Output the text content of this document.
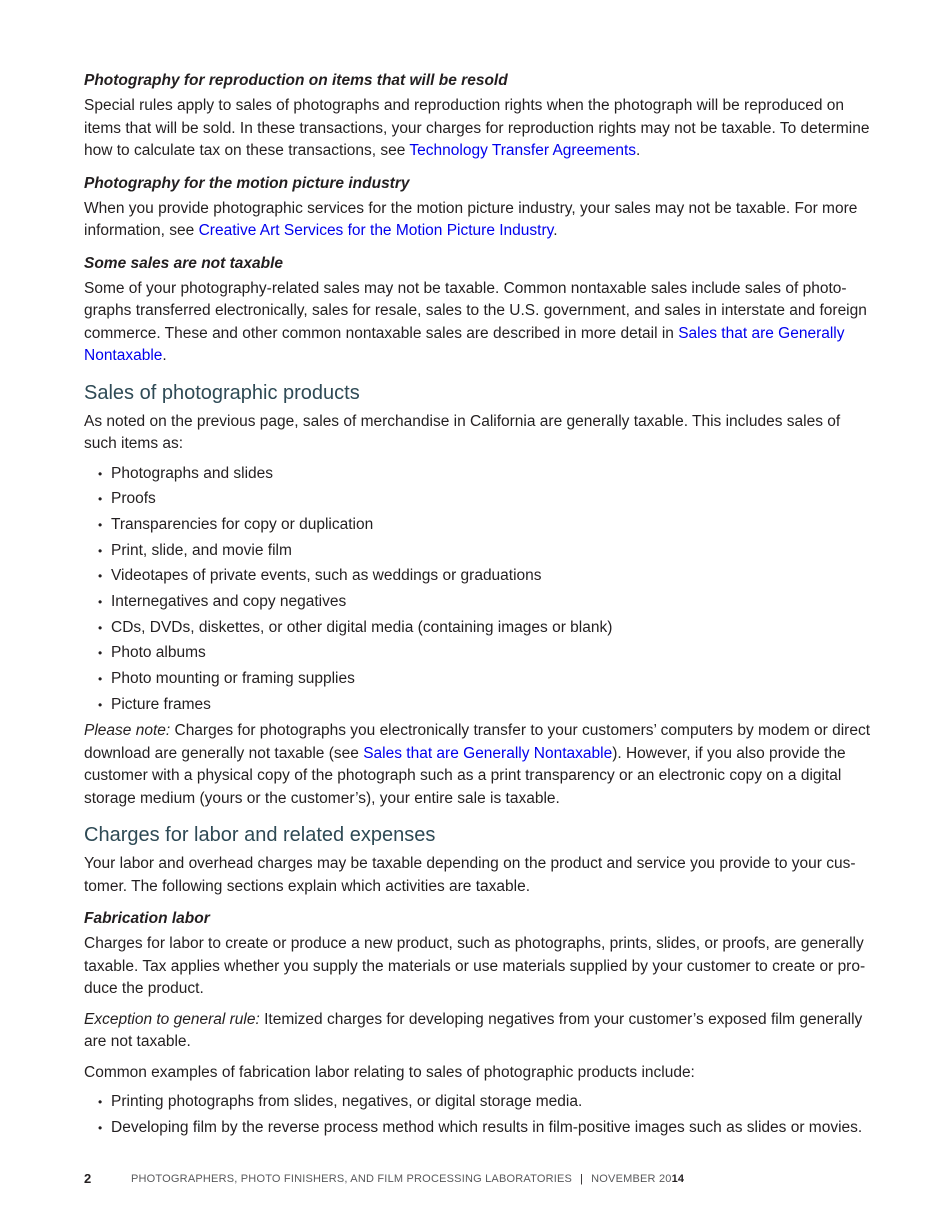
Photography for reproduction on items that will be resold

Special rules apply to sales of photographs and reproduction rights when the photograph will be reproduced on items that will be sold. In these transactions, your charges for reproduction rights may not be taxable. To determine how to calculate tax on these transactions, see Technology Transfer Agreements.

Photography for the motion picture industry

When you provide photographic services for the motion picture industry, your sales may not be taxable. For more information, see Creative Art Services for the Motion Picture Industry.

Some sales are not taxable

Some of your photography-related sales may not be taxable. Common nontaxable sales include sales of photographs transferred electronically, sales for resale, sales to the U.S. government, and sales in interstate and foreign commerce. These and other common nontaxable sales are described in more detail in Sales that are Generally Nontaxable.

Sales of photographic products

As noted on the previous page, sales of merchandise in California are generally taxable. This includes sales of such items as:

• Photographs and slides
• Proofs
• Transparencies for copy or duplication
• Print, slide, and movie film
• Videotapes of private events, such as weddings or graduations
• Internegatives and copy negatives
• CDs, DVDs, diskettes, or other digital media (containing images or blank)
• Photo albums
• Photo mounting or framing supplies
• Picture frames

Please note: Charges for photographs you electronically transfer to your customers’ computers by modem or direct download are generally not taxable (see Sales that are Generally Nontaxable). However, if you also provide the customer with a physical copy of the photograph such as a print transparency or an electronic copy on a digital storage medium (yours or the customer’s), your entire sale is taxable.

Charges for labor and related expenses

Your labor and overhead charges may be taxable depending on the product and service you provide to your customer. The following sections explain which activities are taxable.

Fabrication labor

Charges for labor to create or produce a new product, such as photographs, prints, slides, or proofs, are generally taxable. Tax applies whether you supply the materials or use materials supplied by your customer to create or produce the product.

Exception to general rule: Itemized charges for developing negatives from your customer’s exposed film generally are not taxable.

Common examples of fabrication labor relating to sales of photographic products include:

• Printing photographs from slides, negatives, or digital storage media.
• Developing film by the reverse process method which results in film-positive images such as slides or movies.
2	PHOTOGRAPHERS, PHOTO FINISHERS, AND FILM PROCESSING LABORATORIES | NOVEMBER 2014
